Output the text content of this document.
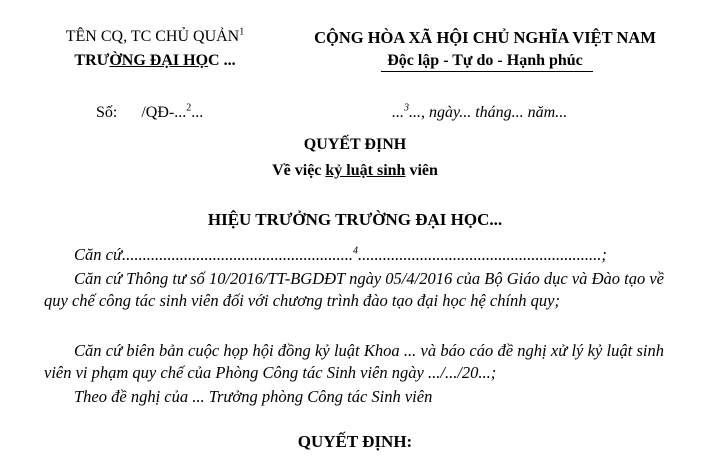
TÊN CQ, TC CHỦ QUẢN$^1$
TRƯỜNG ĐẠI HỌC ...
CỘNG HÒA XÃ HỘI CHỦ NGHĨA VIỆT NAM
Độc lập - Tự do - Hạnh phúc
Số: /QĐ-...$^2$...	...$^3$..., ngày... tháng... năm...
QUYẾT ĐỊNH
Về việc kỷ luật sinh viên
HIỆU TRƯỞNG TRƯỜNG ĐẠI HỌC...
Căn cứ........................................................$^4$...........................................................;
Căn cứ Thông tư số 10/2016/TT-BGDĐT ngày 05/4/2016 của Bộ Giáo dục và Đào tạo về quy chế công tác sinh viên đối với chương trình đào tạo đại học hệ chính quy;
Căn cứ biên bản cuộc họp hội đồng kỷ luật Khoa ... và báo cáo đề nghị xử lý kỷ luật sinh viên vi phạm quy chế của Phòng Công tác Sinh viên ngày .../.../20...;
Theo đề nghị của ... Trưởng phòng Công tác Sinh viên
QUYẾT ĐỊNH:
